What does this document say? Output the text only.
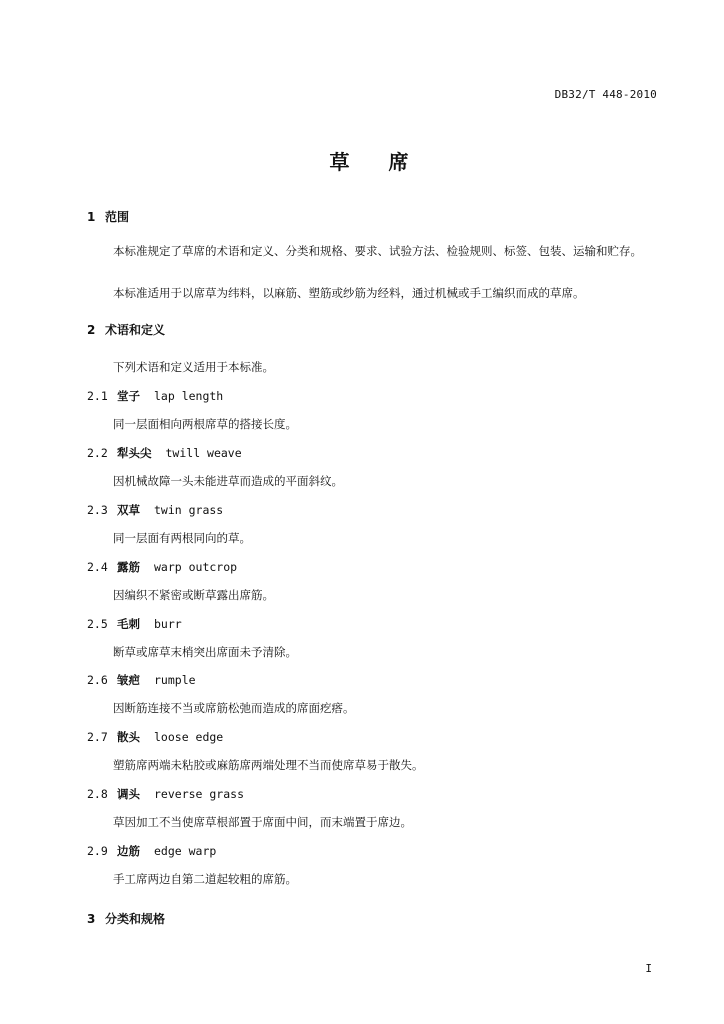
DB32/T 448-2010
草 席
1 范围
本标准规定了草席的术语和定义、分类和规格、要求、试验方法、检验规则、标签、包装、运输和贮存。
本标准适用于以席草为纬料，以麻筋、塑筋或纱筋为经料，通过机械或手工编织而成的草席。
2 术语和定义
下列术语和定义适用于本标准。
2.1 堂子 lap length
同一层面相向两根席草的搭接长度。
2.2 犁头尖 twill weave
因机械故障一头未能进草而造成的平面斜纹。
2.3 双草 twin grass
同一层面有两根同向的草。
2.4 露筋 warp outcrop
因编织不紧密或断草露出席筋。
2.5 毛刺 burr
断草或席草末梢突出席面未予清除。
2.6 皱疤 rumple
因断筋连接不当或席筋松弛而造成的席面疙瘩。
2.7 散头 loose edge
塑筋席两端未粘胶或麻筋席两端处理不当而使席草易于散失。
2.8 调头 reverse grass
草因加工不当使席草根部置于席面中间，而末端置于席边。
2.9 边筋 edge warp
手工席两边自第二道起较粗的席筋。
3 分类和规格
I
